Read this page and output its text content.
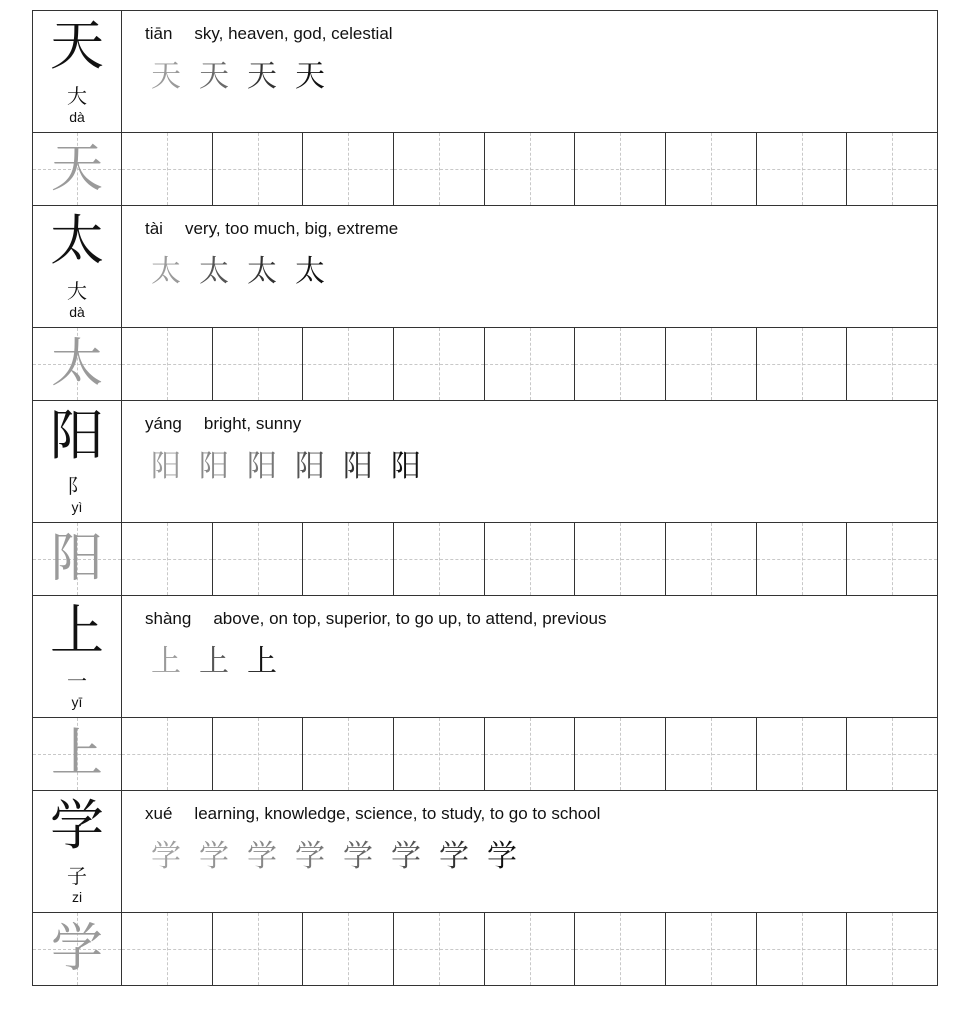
天
大
dà
tiān sky, heaven, god, celestial
天 天 天 天
天
太
大
dà
tài very, too much, big, extreme
太 太 太 太
太
阳
阝
yì
yáng bright, sunny
阳 阳 阳 阳 阳 阳
阳
上
一
yī
shàng above, on top, superior, to go up, to attend, previous
上 上 上
上
学
子
zi
xué learning, knowledge, science, to study, to go to school
学 学 学 学 学 学 学 学
学
